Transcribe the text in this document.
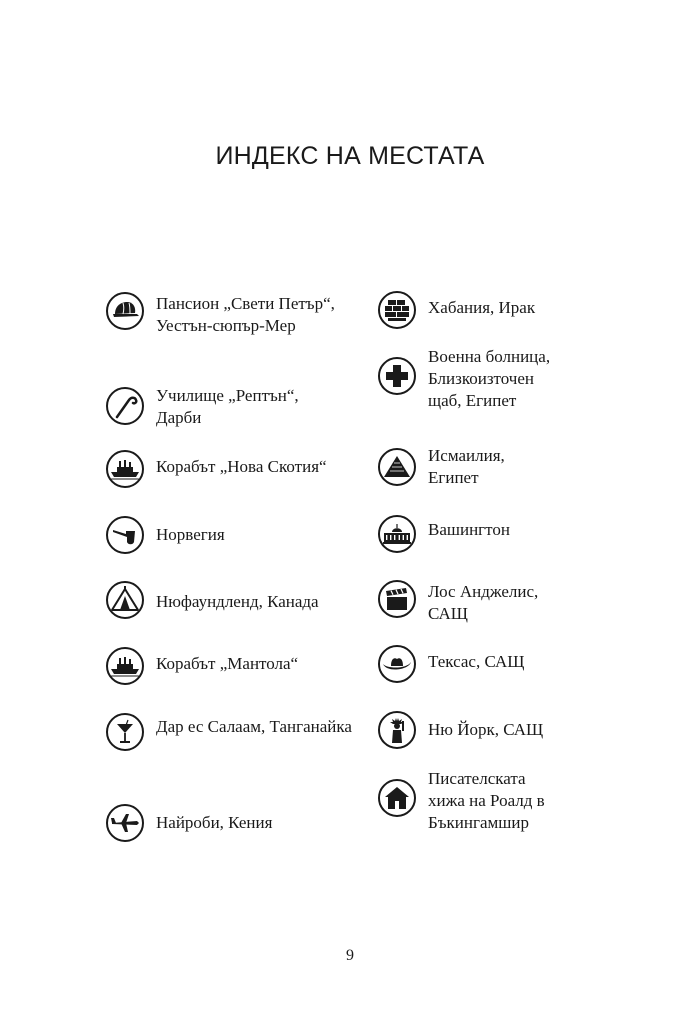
ИНДЕКС НА МЕСТАТА
Пансион „Свети Петър“,
Уестън-сюпър-Мер
Училище „Рептън“,
Дарби
Корабът „Нова Скотия“
Норвегия
Нюфаундленд, Канада
Корабът „Мантола“
Дар ес Салаам, Танганайка
Найроби, Кения
Хабания, Ирак
Военна болница,
Близкоизточен
щаб, Египет
Исмаилия,
Египет
Вашингтон
Лос Анджелис,
САЩ
Тексас, САЩ
Ню Йорк, САЩ
Писателската
хижа на Роалд в
Бъкингамшир
9
